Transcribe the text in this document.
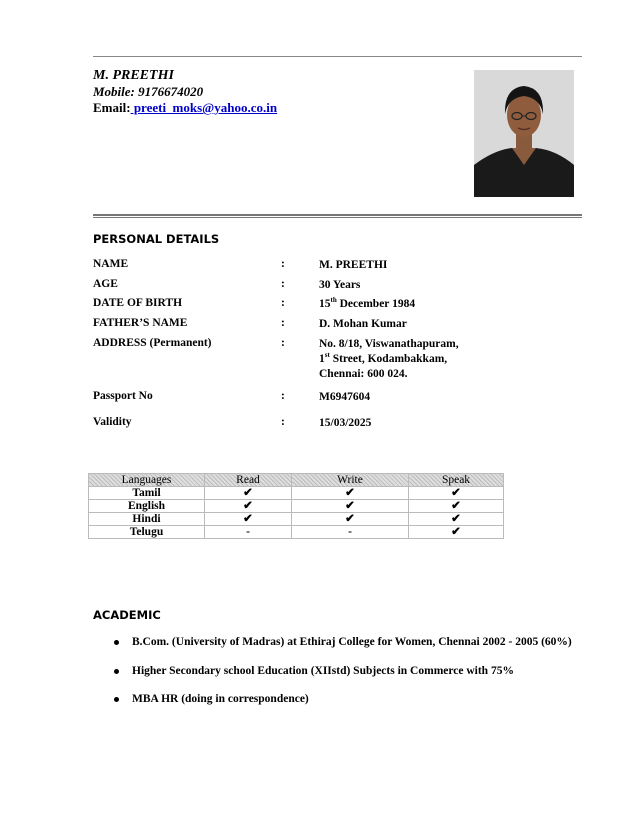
M. PREETHI
Mobile: 9176674020
Email: preeti_moks@yahoo.co.in
PERSONAL DETAILS
NAME	:	M. PREETHI
AGE	:	30 Years
DATE OF BIRTH	:	15th December 1984
FATHER’S NAME	:	D. Mohan Kumar
ADDRESS (Permanent)	:	No. 8/18, Viswanathapuram,
1st Street, Kodambakkam,
Chennai: 600 024.
Passport No	:	M6947604
Validity	:	15/03/2025
Languages	Read	Write	Speak
Tamil	✔	✔	✔
English	✔	✔	✔
Hindi	✔	✔	✔
Telugu	-	-	✔
ACADEMIC
B.Com. (University of Madras) at Ethiraj College for Women, Chennai 2002 - 2005 (60%)
Higher Secondary school Education (XIIstd) Subjects in Commerce with 75%
MBA HR (doing in correspondence)
